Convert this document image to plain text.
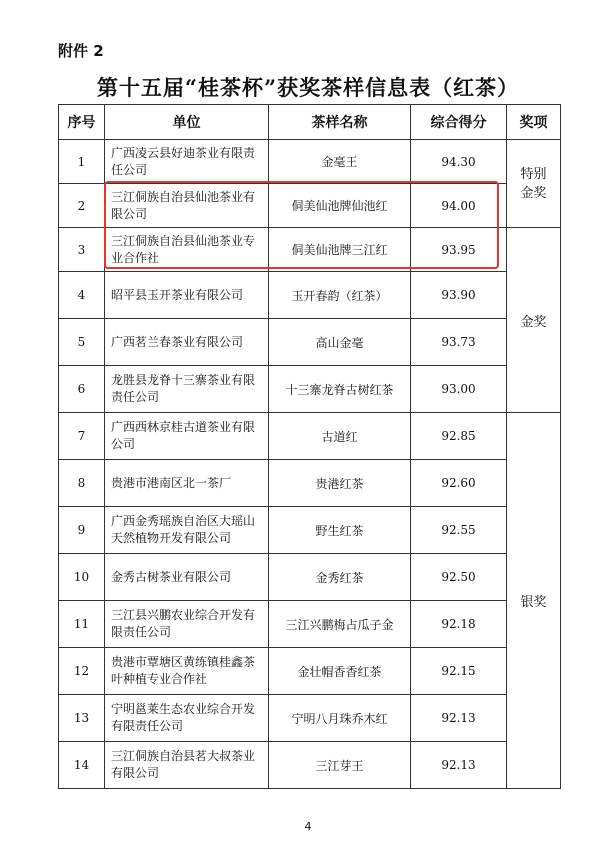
附件 2
第十五届“桂茶杯”获奖茶样信息表（红茶）
序号	单位	茶样名称	综合得分	奖项
1	广西凌云县好迪茶业有限责任公司	金毫王	94.30	特别金奖

2	三江侗族自治县仙池茶业有限公司	侗美仙池牌仙池红	94.00	
3	三江侗族自治县仙池茶业专业合作社	侗美仙池牌三江红	93.95	金奖
4	昭平县玉开茶业有限公司	玉开春韵（红茶）	93.90	
5	广西茗兰春茶业有限公司	高山金毫	93.73	
6	龙胜县龙脊十三寨茶业有限责任公司	十三寨龙脊古树红茶	93.00	
7	广西西林京桂古道茶业有限公司	古道红	92.85	银奖
8	贵港市港南区北一茶厂	贵港红茶	92.60	
9	广西金秀瑶族自治区大瑶山天然植物开发有限公司	野生红茶	92.55	
10	金秀古树茶业有限公司	金秀红茶	92.50	
11	三江县兴鹏农业综合开发有限责任公司	三江兴鹏梅占瓜子金	92.18	
12	贵港市覃塘区黄练镇桂鑫茶叶种植专业合作社	金壮帽香香红茶	92.15	
13	宁明邕莱生态农业综合开发有限责任公司	宁明八月珠乔木红	92.13	
14	三江侗族自治县茗大叔茶业有限公司	三江芽王	92.13	
4
